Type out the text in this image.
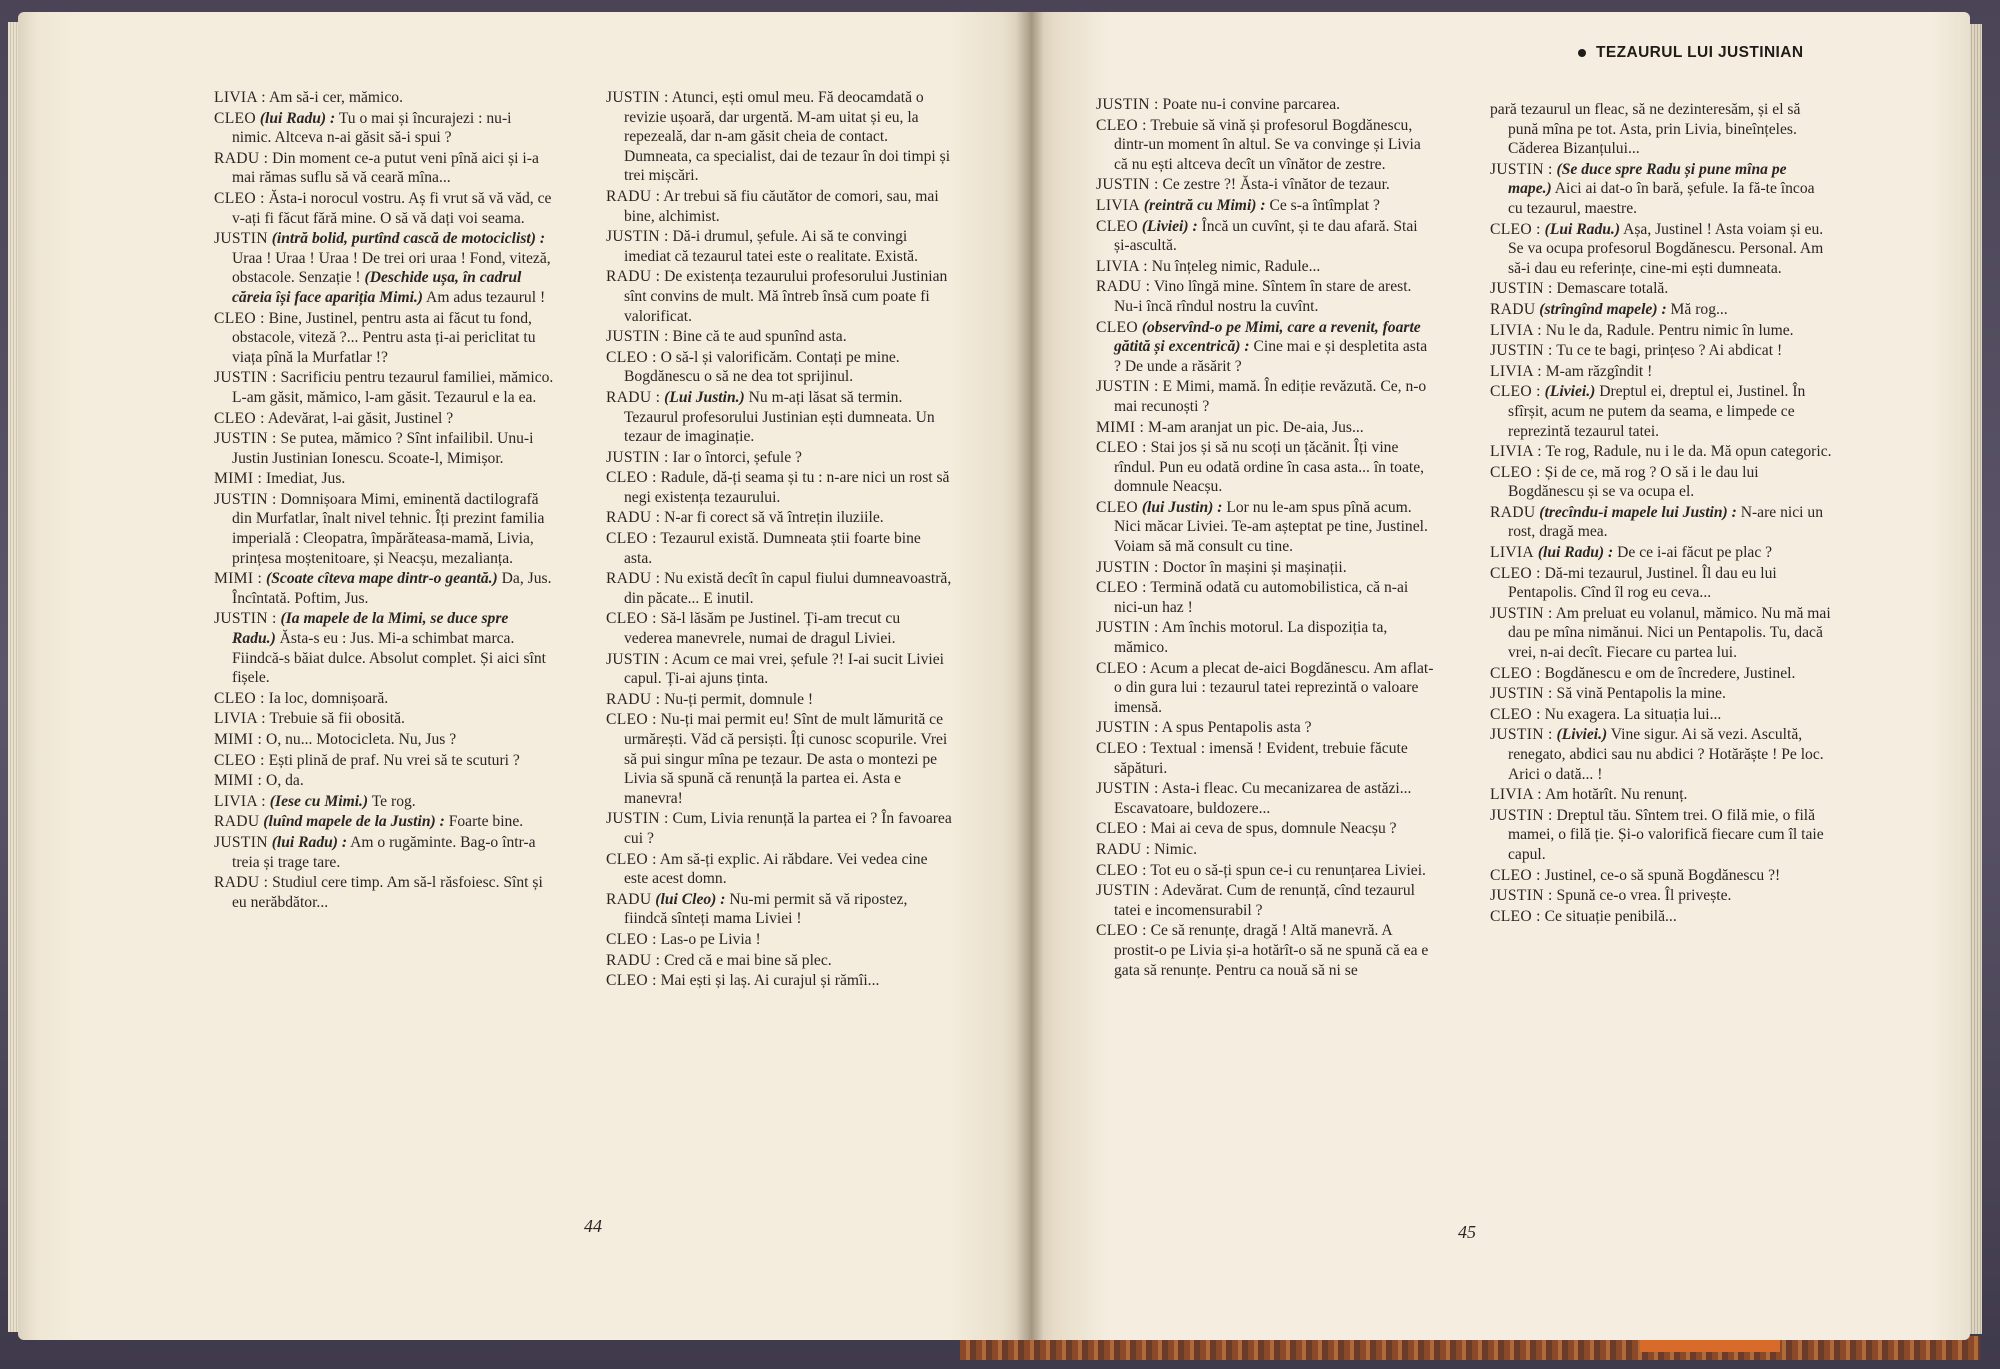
TEZAURUL LUI JUSTINIAN

LIVIA : Am să-i cer, mămico.

CLEO (lui Radu) : Tu o mai și încurajezi : nu-i nimic. Altceva n-ai găsit să-i spui ?

RADU : Din moment ce-a putut veni pînă aici și i-a mai rămas suflu să vă ceară mîna...

CLEO : Ăsta-i norocul vostru. Aș fi vrut să vă văd, ce v-ați fi făcut fără mine. O să vă dați voi seama.

JUSTIN (intră bolid, purtînd cască de motociclist) : Uraa ! Uraa ! Uraa ! De trei ori uraa ! Fond, viteză, obstacole. Senzație ! (Deschide ușa, în cadrul căreia își face apariția Mimi.) Am adus tezaurul !

CLEO : Bine, Justinel, pentru asta ai făcut tu fond, obstacole, viteză ?... Pentru asta ți-ai periclitat tu viața pînă la Murfatlar !?

JUSTIN : Sacrificiu pentru tezaurul familiei, mămico. L-am găsit, mămico, l-am găsit. Tezaurul e la ea.

CLEO : Adevărat, l-ai găsit, Justinel ?

JUSTIN : Se putea, mămico ? Sînt infailibil. Unu-i Justin Justinian Ionescu. Scoate-l, Mimișor.

MIMI : Imediat, Jus.

JUSTIN : Domnișoara Mimi, eminentă dactilografă din Murfatlar, înalt nivel tehnic. Îți prezint familia imperială : Cleopatra, împărăteasa-mamă, Livia, prințesa moștenitoare, și Neacșu, mezalianța.

MIMI : (Scoate cîteva mape dintr-o geantă.) Da, Jus. Încîntată. Poftim, Jus.

JUSTIN : (Ia mapele de la Mimi, se duce spre Radu.) Ăsta-s eu : Jus. Mi-a schimbat marca. Fiindcă-s băiat dulce. Absolut complet. Și aici sînt fișele.

CLEO : Ia loc, domnișoară.

LIVIA : Trebuie să fii obosită.

MIMI : O, nu... Motocicleta. Nu, Jus ?

CLEO : Ești plină de praf. Nu vrei să te scuturi ?

MIMI : O, da.

LIVIA : (Iese cu Mimi.) Te rog.

RADU (luînd mapele de la Justin) : Foarte bine.

JUSTIN (lui Radu) : Am o rugăminte. Bag-o într-a treia și trage tare.

RADU : Studiul cere timp. Am să-l răsfoiesc. Sînt și eu nerăbdător...

JUSTIN : Atunci, ești omul meu. Fă deocamdată o revizie ușoară, dar urgentă. M-am uitat și eu, la repezeală, dar n-am găsit cheia de contact. Dumneata, ca specialist, dai de tezaur în doi timpi și trei mișcări.

RADU : Ar trebui să fiu căutător de comori, sau, mai bine, alchimist.

JUSTIN : Dă-i drumul, șefule. Ai să te convingi imediat că tezaurul tatei este o realitate. Există.

RADU : De existența tezaurului profesorului Justinian sînt convins de mult. Mă întreb însă cum poate fi valorificat.

JUSTIN : Bine că te aud spunînd asta.

CLEO : O să-l și valorificăm. Contați pe mine. Bogdănescu o să ne dea tot sprijinul.

RADU : (Lui Justin.) Nu m-ați lăsat să termin. Tezaurul profesorului Justinian ești dumneata. Un tezaur de imaginație.

JUSTIN : Iar o întorci, șefule ?

CLEO : Radule, dă-ți seama și tu : n-are nici un rost să negi existența tezaurului.

RADU : N-ar fi corect să vă întrețin iluziile.

CLEO : Tezaurul există. Dumneata știi foarte bine asta.

RADU : Nu există decît în capul fiului dumneavoastră, din păcate... E inutil.

CLEO : Să-l lăsăm pe Justinel. Ți-am trecut cu vederea manevrele, numai de dragul Liviei.

JUSTIN : Acum ce mai vrei, șefule ?! I-ai sucit Liviei capul. Ți-ai ajuns ținta.

RADU : Nu-ți permit, domnule !

CLEO : Nu-ți mai permit eu! Sînt de mult lămurită ce urmărești. Văd că persiști. Îți cunosc scopurile. Vrei să pui singur mîna pe tezaur. De asta o montezi pe Livia să spună că renunță la partea ei. Asta e manevra!

JUSTIN : Cum, Livia renunță la partea ei ? În favoarea cui ?

CLEO : Am să-ți explic. Ai răbdare. Vei vedea cine este acest domn.

RADU (lui Cleo) : Nu-mi permit să vă ripostez, fiindcă sînteți mama Liviei !

CLEO : Las-o pe Livia !

RADU : Cred că e mai bine să plec.

CLEO : Mai ești și laș. Ai curajul și rămîi...

JUSTIN : Poate nu-i convine parcarea.

CLEO : Trebuie să vină și profesorul Bogdănescu, dintr-un moment în altul. Se va convinge și Livia că nu ești altceva decît un vînător de zestre.

JUSTIN : Ce zestre ?! Ăsta-i vînător de tezaur.

LIVIA (reintră cu Mimi) : Ce s-a întîmplat ?

CLEO (Liviei) : Încă un cuvînt, și te dau afară. Stai și-ascultă.

LIVIA : Nu înțeleg nimic, Radule...

RADU : Vino lîngă mine. Sîntem în stare de arest. Nu-i încă rîndul nostru la cuvînt.

CLEO (observînd-o pe Mimi, care a revenit, foarte gătită și excentrică) : Cine mai e și despletita asta ? De unde a răsărit ?

JUSTIN : E Mimi, mamă. În ediție revăzută. Ce, n-o mai recunoști ?

MIMI : M-am aranjat un pic. De-aia, Jus...

CLEO : Stai jos și să nu scoți un țăcănit. Îți vine rîndul. Pun eu odată ordine în casa asta... în toate, domnule Neacșu.

CLEO (lui Justin) : Lor nu le-am spus pînă acum. Nici măcar Liviei. Te-am așteptat pe tine, Justinel. Voiam să mă consult cu tine.

JUSTIN : Doctor în mașini și mașinații.

CLEO : Termină odată cu automobilistica, că n-ai nici-un haz !

JUSTIN : Am închis motorul. La dispoziția ta, mămico.

CLEO : Acum a plecat de-aici Bogdănescu. Am aflat-o din gura lui : tezaurul tatei reprezintă o valoare imensă.

JUSTIN : A spus Pentapolis asta ?

CLEO : Textual : imensă ! Evident, trebuie făcute săpături.

JUSTIN : Asta-i fleac. Cu mecanizarea de astăzi... Escavatoare, buldozere...

CLEO : Mai ai ceva de spus, domnule Neacșu ?

RADU : Nimic.

CLEO : Tot eu o să-ți spun ce-i cu renunțarea Liviei.

JUSTIN : Adevărat. Cum de renunță, cînd tezaurul tatei e incomensurabil ?

CLEO : Ce să renunțe, dragă ! Altă manevră. A prostit-o pe Livia și-a hotărît-o să ne spună că ea e gata să renunțe. Pentru ca nouă să ni se

pară tezaurul un fleac, să ne dezinteresăm, și el să pună mîna pe tot. Asta, prin Livia, bineînțeles. Căderea Bizanțului...

JUSTIN : (Se duce spre Radu și pune mîna pe mape.) Aici ai dat-o în bară, șefule. Ia fă-te încoa cu tezaurul, maestre.

CLEO : (Lui Radu.) Așa, Justinel ! Asta voiam și eu. Se va ocupa profesorul Bogdănescu. Personal. Am să-i dau eu referințe, cine-mi ești dumneata.

JUSTIN : Demascare totală.

RADU (strîngînd mapele) : Mă rog...

LIVIA : Nu le da, Radule. Pentru nimic în lume.

JUSTIN : Tu ce te bagi, prințeso ? Ai abdicat !

LIVIA : M-am răzgîndit !

CLEO : (Liviei.) Dreptul ei, dreptul ei, Justinel. În sfîrșit, acum ne putem da seama, e limpede ce reprezintă tezaurul tatei.

LIVIA : Te rog, Radule, nu i le da. Mă opun categoric.

CLEO : Și de ce, mă rog ? O să i le dau lui Bogdănescu și se va ocupa el.

RADU (trecîndu-i mapele lui Justin) : N-are nici un rost, dragă mea.

LIVIA (lui Radu) : De ce i-ai făcut pe plac ?

CLEO : Dă-mi tezaurul, Justinel. Îl dau eu lui Pentapolis. Cînd îl rog eu ceva...

JUSTIN : Am preluat eu volanul, mămico. Nu mă mai dau pe mîna nimănui. Nici un Pentapolis. Tu, dacă vrei, n-ai decît. Fiecare cu partea lui.

CLEO : Bogdănescu e om de încredere, Justinel.

JUSTIN : Să vină Pentapolis la mine.

CLEO : Nu exagera. La situația lui...

JUSTIN : (Liviei.) Vine sigur. Ai să vezi. Ascultă, renegato, abdici sau nu abdici ? Hotărăște ! Pe loc. Arici o dată... !

LIVIA : Am hotărît. Nu renunț.

JUSTIN : Dreptul tău. Sîntem trei. O filă mie, o filă mamei, o filă ție. Și-o valorifică fiecare cum îl taie capul.

CLEO : Justinel, ce-o să spună Bogdănescu ?!

JUSTIN : Spună ce-o vrea. Îl privește.

CLEO : Ce situație penibilă...

44	45
